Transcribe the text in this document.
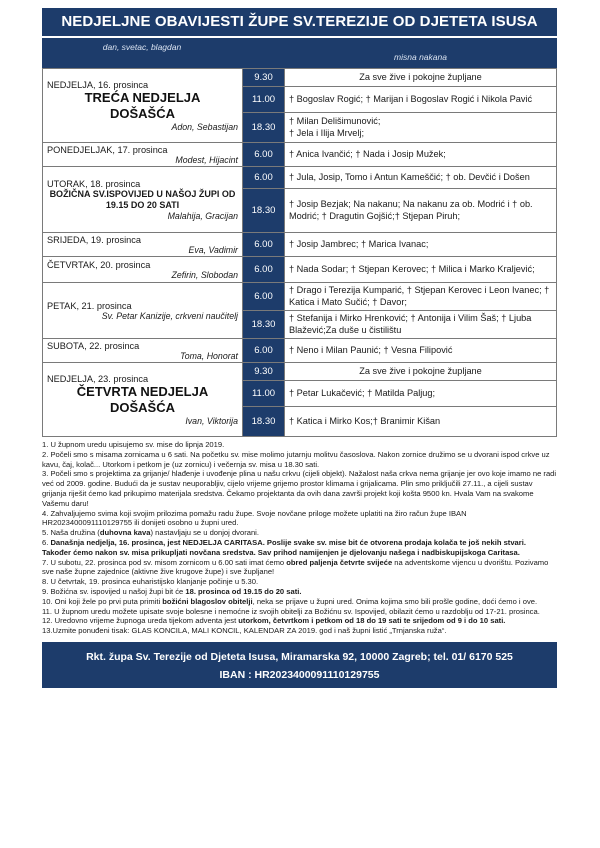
NEDJELJNE OBAVIJESTI ŽUPE SV.TEREZIJE OD DJETETA ISUSA
dan, svetac, blagdan
misna nakana
NEDJELJA, 16. prosinca
TREĆA NEDJELJA
DOŠAŠĆA
Adon, Sebastijan	9.30	Za sve žive i pokojne župljane
	11.00	† Bogoslav Rogić; † Marijan i Bogoslav Rogić i Nikola Pavić
	18.30	† Milan Delišimunović;
† Jela i Ilija Mrvelj;

PONEDJELJAK, 17. prosinca
Modest, Hijacint	6.00	† Anica Ivančić; † Nada i Josip Mužek;

UTORAK, 18. prosinca
BOŽIČNA SV.ISPOVIJED U NAŠOJ ŽUPI OD 19.15 DO 20 SATI
Malahija, Gracijan	6.00	† Jula, Josip, Tomo i Antun Kameščić; † ob. Devčić i Došen
	18.30	† Josip Bezjak; Na nakanu; Na nakanu za ob. Modrić i † ob. Modrić; † Dragutin Gojšić;† Stjepan Piruh;

SRIJEDA, 19. prosinca
Eva, Vadimir	6.00	† Josip Jambrec; † Marica Ivanac;

ČETVRTAK, 20. prosinca
Zefirin, Slobodan	6.00	† Nada Sodar; † Stjepan Kerovec; † Milica i Marko Kraljević;

PETAK, 21. prosinca
Sv. Petar Kanizije, crkveni naučitelj	6.00	† Drago i Terezija Kumparić, † Stjepan Kerovec i Leon Ivanec; † Katica i Mato Sučić; † Davor;
	18.30	† Stefanija i Mirko Hrenković; † Antonija i Vilim Šaš; † Ljuba Blažević;Za duše u čistilištu

SUBOTA, 22. prosinca
Toma, Honorat	6.00	† Neno i Milan Paunić; † Vesna Filipović

NEDJELJA, 23. prosinca
ČETVRTA NEDJELJA
DOŠAŠĆA
Ivan, Viktorija	9.30	Za sve žive i pokojne župljane
	11.00	† Petar Lukačević; † Matilda Paljug;
	18.30	† Katica i Mirko Kos;† Branimir Kišan

1. U župnom uredu upisujemo sv. mise do lipnja 2019.

2. Počeli smo s misama zornicama u 6 sati. Na početku sv. mise molimo jutarnju molitvu časoslova. Nakon zornice družimo se u dvorani ispod crkve uz kavu, čaj, kolač... Utorkom i petkom je (uz zornicu) i večernja sv. misa u 18.30 sati.

3. Počeli smo s projektima za grijanje/ hlađenje i uvođenje plina u našu crkvu (cijeli objekt). Nažalost naša crkva nema grijanje jer ovo koje imamo ne radi već od 2009. godine. Budući da je sustav neuporabljiv, cijelo vrijeme grijemo prostor klimama i grijalicama. Plin smo priključili 27.11., a cijeli sustav grijanja riješit ćemo kad prikupimo materijala sredstva. Čekamo projektanta da ovih dana završi projekt koji košta 9500 kn. Hvala Vam na svakome Vašemu daru!

4. Zahvaljujemo svima koji svojim prilozima pomažu radu župe. Svoje novčane priloge možete uplatiti na žiro račun župe IBAN HR2023400091110129755 ili donijeti osobno u župni ured.

5. Naša družina (duhovna kava) nastavljaju se u donjoj dvorani.

6. Današnja nedjelja, 16. prosinca, jest NEDJELJA CARITASA. Poslije svake sv. mise bit će otvorena prodaja kolača te još nekih stvari. Također ćemo nakon sv. misa prikupljati novčana sredstva. Sav prihod namijenjen je djelovanju našega i nadbiskupijskoga Caritasa.

7. U subotu, 22. prosinca pod sv. misom zornicom u 6.00 sati imat ćemo obred paljenja četvrte svijeće na adventskome vijencu u dvorištu. Pozivamo sve naše župne zajednice (aktivne žive krugove župe) i sve župljane!

8. U četvrtak, 19. prosinca euharistijsko klanjanje počinje u 5.30.

9. Božićna sv. ispovijed u našoj župi bit će 18. prosinca od 19.15 do 20 sati.

10. Oni koji žele po prvi puta primiti božićni blagoslov obitelji, neka se prijave u župni ured. Onima kojima smo bili prošle godine, doći ćemo i ove.

11. U župnom uredu možete upisate svoje bolesne i nemoćne iz svojih obitelji za Božićnu sv. Ispovijed, obilazit ćemo u razdoblju od 17-21. prosinca.

12. Uredovno vrijeme župnoga ureda tijekom adventa jest utorkom, četvrtkom i petkom od 18 do 19 sati te srijedom od 9 i do 10 sati.

13.Uzmite ponuđeni tisak: GLAS KONCILA, MALI KONCIL, KALENDAR ZA 2019. god i naš župni listić „Trnjanska ruža“.

Rkt. župa Sv. Terezije od Djeteta Isusa, Miramarska 92, 10000 Zagreb; tel. 01/ 6170 525
IBAN : HR2023400091110129755
